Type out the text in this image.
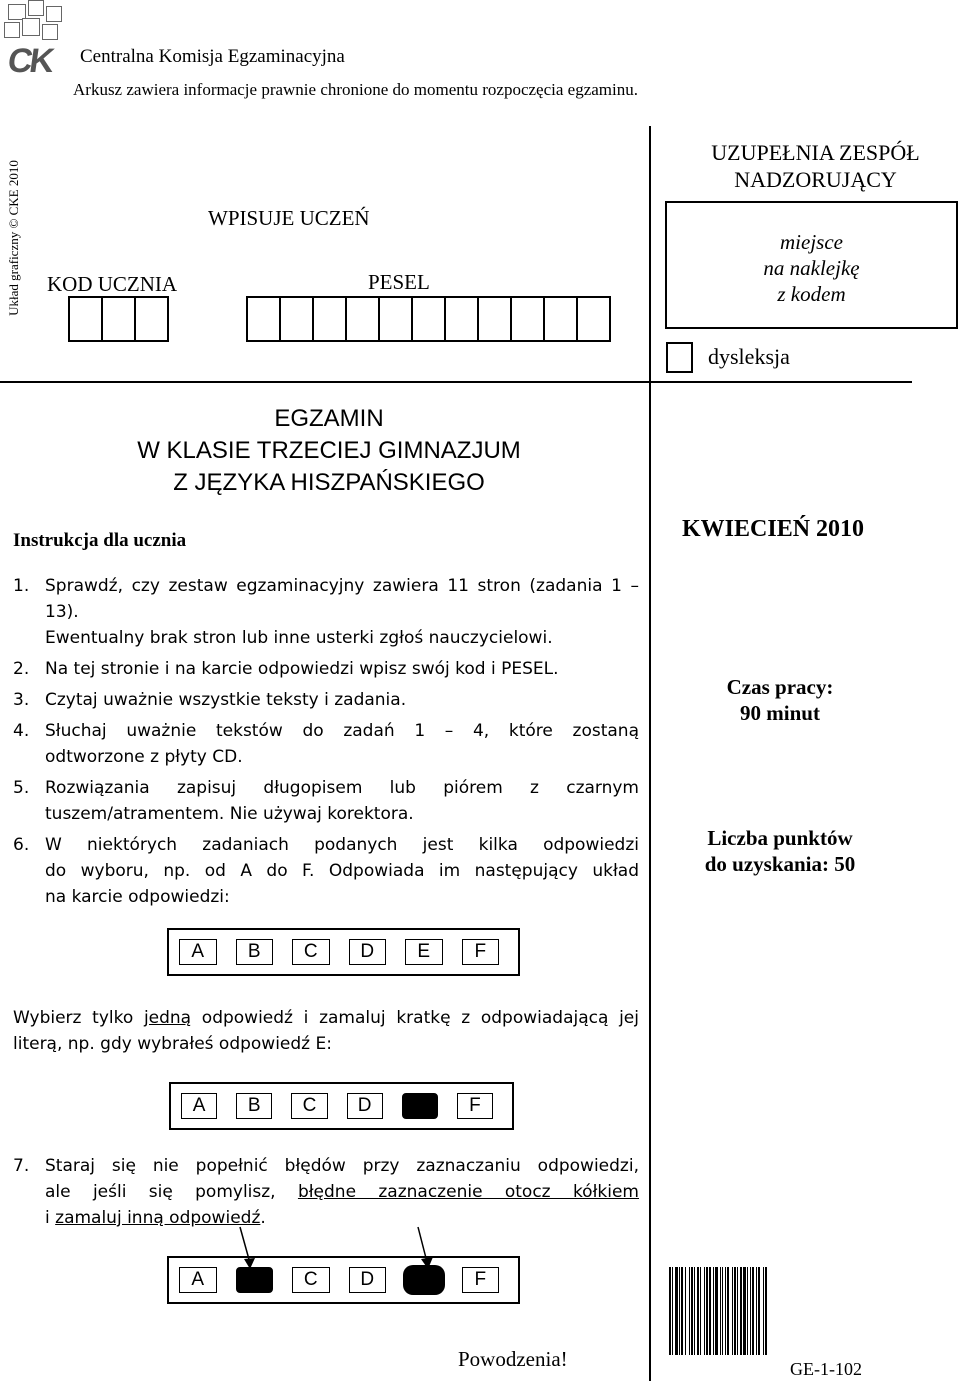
CK Centralna Komisja Egzaminacyjna
Arkusz zawiera informacje prawnie chronione do momentu rozpoczęcia egzaminu.
Układ graficzny © CKE 2010	WPISUJE UCZEŃ
KOD UCZNIA	PESEL
UZUPEŁNIA ZESPÓŁ NADZORUJĄCY
miejsce
na naklejkę
z kodem
dysleksja
EGZAMIN
W KLASIE TRZECIEJ GIMNAZJUM
Z JĘZYKA HISZPAŃSKIEGO
Instrukcja dla ucznia	KWIECIEŃ 2010
1. Sprawdź, czy zestaw egzaminacyjny zawiera 11 stron (zadania 1 – 13).
Ewentualny brak stron lub inne usterki zgłoś nauczycielowi.
2. Na tej stronie i na karcie odpowiedzi wpisz swój kod i PESEL.
3. Czytaj uważnie wszystkie teksty i zadania.
4. Słuchaj uważnie tekstów do zadań 1 – 4, które zostaną
odtworzone z płyty CD.
5. Rozwiązania zapisuj długopisem lub piórem z czarnym
tuszem/atramentem. Nie używaj korektora.
6. W niektórych zadaniach podanych jest kilka odpowiedzi
do wyboru, np. od A do F. Odpowiada im następujący układ
na karcie odpowiedzi:
Czas pracy:
90 minut
Liczba punktów
do uzyskania: 50
A	B	C	D	E	F
Wybierz tylko jedną odpowiedź i zamaluj kratkę z odpowiadającą jej
literą, np. gdy wybrałeś odpowiedź E:
A	B	C	D	F
7. Staraj się nie popełnić błędów przy zaznaczaniu odpowiedzi,
ale jeśli się pomylisz, błędne zaznaczenie otocz kółkiem
i zamaluj inną odpowiedź.
A	C	D	F
GE-1-102
Powodzenia!
